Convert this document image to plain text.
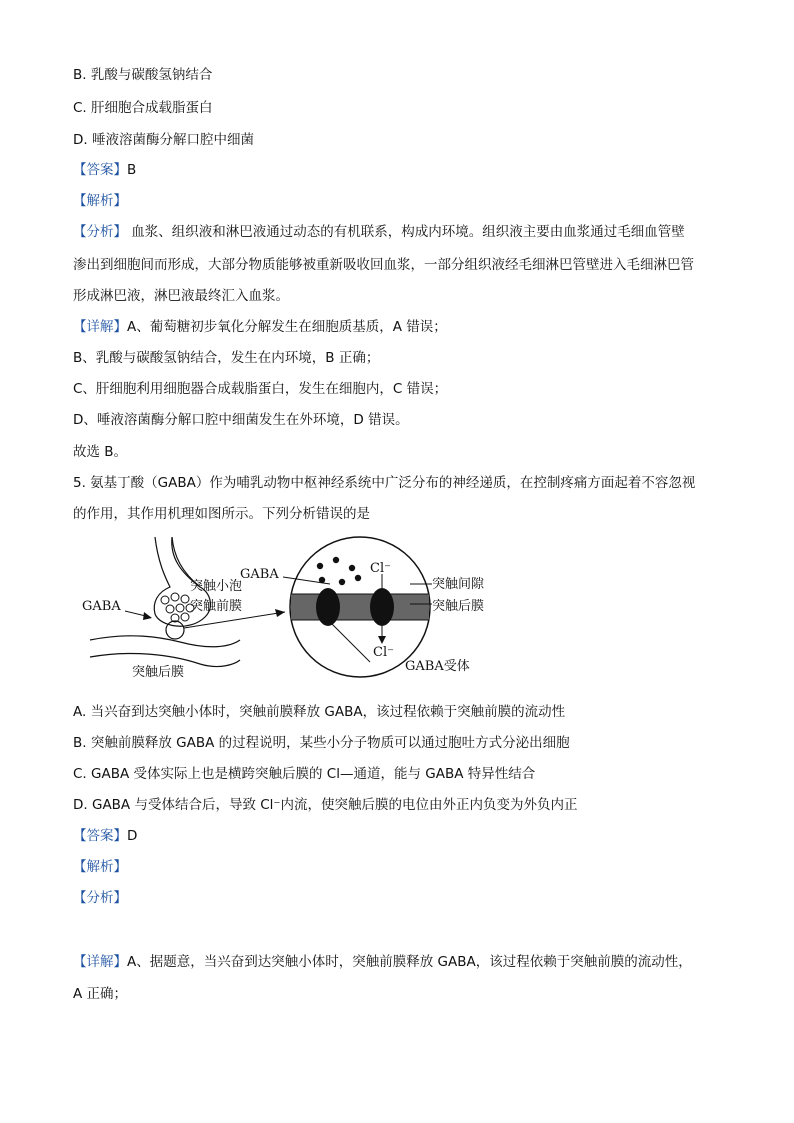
B. 乳酸与碳酸氢钠结合
C. 肝细胞合成载脂蛋白
D. 唾液溶菌酶分解口腔中细菌
【答案】B
【解析】
【分析】 血浆、组织液和淋巴液通过动态的有机联系，构成内环境。组织液主要由血浆通过毛细血管壁
渗出到细胞间而形成，大部分物质能够被重新吸收回血浆，一部分组织液经毛细淋巴管壁进入毛细淋巴管
形成淋巴液，淋巴液最终汇入血浆。
【详解】A、葡萄糖初步氧化分解发生在细胞质基质，A 错误；
B、乳酸与碳酸氢钠结合，发生在内环境，B 正确；
C、肝细胞利用细胞器合成载脂蛋白，发生在细胞内，C 错误；
D、唾液溶菌酶分解口腔中细菌发生在外环境，D 错误。
故选 B。
5. 氨基丁酸（GABA）作为哺乳动物中枢神经系统中广泛分布的神经递质，在控制疼痛方面起着不容忽视
的作用，其作用机理如图所示。下列分析错误的是
GABA
突触小泡
突触前膜
突触后膜
GABA	Cl⁻
突触间隙
突触后膜
Cl⁻
GABA受体
A. 当兴奋到达突触小体时，突触前膜释放 GABA，该过程依赖于突触前膜的流动性
B. 突触前膜释放 GABA 的过程说明，某些小分子物质可以通过胞吐方式分泌出细胞
C. GABA 受体实际上也是横跨突触后膜的 Cl—通道，能与 GABA 特异性结合
D. GABA 与受体结合后，导致 Cl⁻内流，使突触后膜的电位由外正内负变为外负内正
【答案】D
【解析】
【分析】
【详解】A、据题意，当兴奋到达突触小体时，突触前膜释放 GABA，该过程依赖于突触前膜的流动性，
A 正确；
